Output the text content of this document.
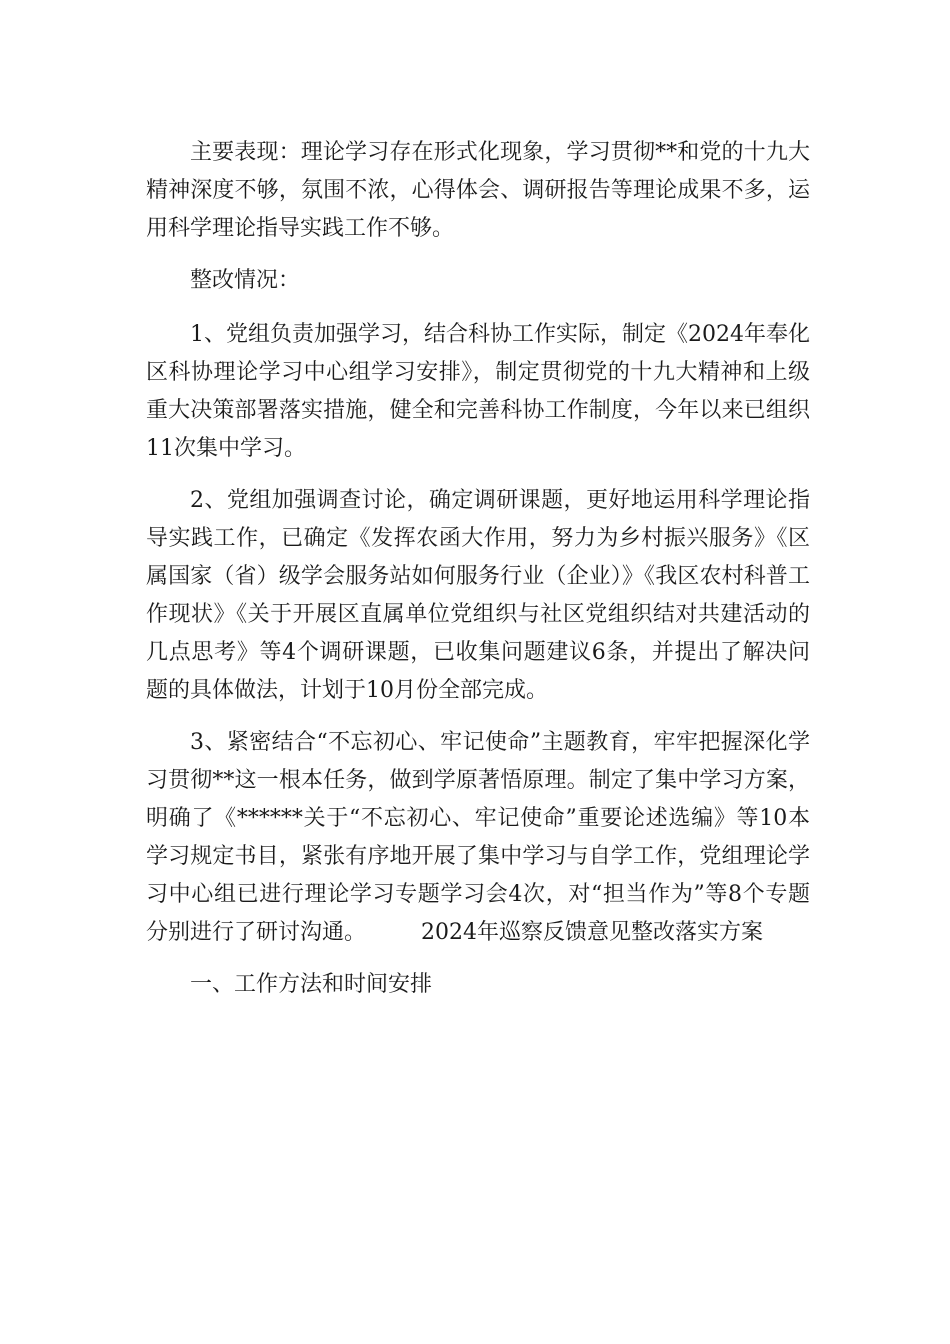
主要表现：理论学习存在形式化现象，学习贯彻**和党的十九大精神深度不够，氛围不浓，心得体会、调研报告等理论成果不多，运用科学理论指导实践工作不够。

整改情况：

1、党组负责加强学习，结合科协工作实际，制定《2024年奉化区科协理论学习中心组学习安排》，制定贯彻党的十九大精神和上级重大决策部署落实措施，健全和完善科协工作制度，今年以来已组织11次集中学习。

2、党组加强调查讨论，确定调研课题，更好地运用科学理论指导实践工作，已确定《发挥农函大作用，努力为乡村振兴服务》《区属国家（省）级学会服务站如何服务行业（企业）》《我区农村科普工作现状》《关于开展区直属单位党组织与社区党组织结对共建活动的几点思考》等4个调研课题，已收集问题建议6条，并提出了解决问题的具体做法，计划于10月份全部完成。

3、紧密结合“不忘初心、牢记使命”主题教育，牢牢把握深化学习贯彻**这一根本任务，做到学原著悟原理。制定了集中学习方案，明确了《******关于“不忘初心、牢记使命”重要论述选编》等10本学习规定书目，紧张有序地开展了集中学习与自学工作，党组理论学习中心组已进行理论学习专题学习会4次，对“担当作为”等8个专题分别进行了研讨沟通。　　　2024年巡察反馈意见整改落实方案

一、工作方法和时间安排
